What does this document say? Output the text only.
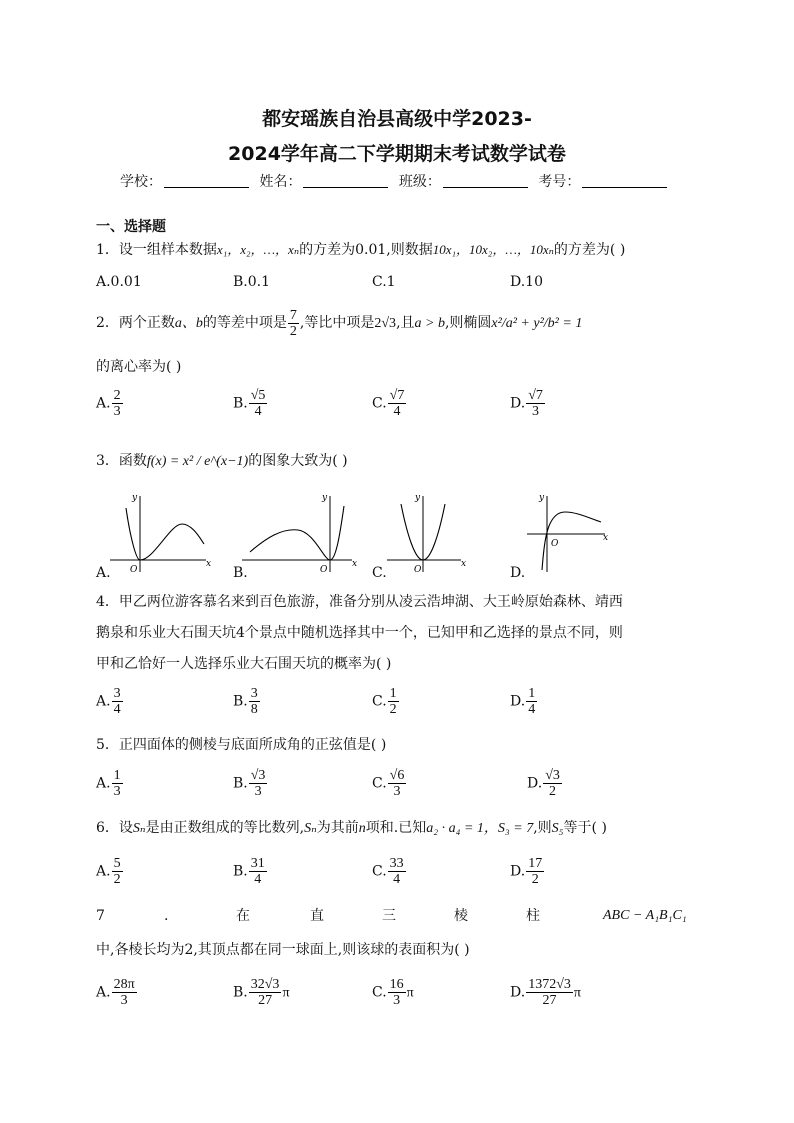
都安瑶族自治县高级中学2023-
2024学年高二下学期期末考试数学试卷
学校：	姓名：	班级：	考号：
一、选择题
1．设一组样本数据x₁，x₂，…，xₙ的方差为0.01,则数据10x₁，10x₂，…，10xₙ的方差为( )
A.0.01	B.0.1	C.1	D.10
2．两个正数a、b的等差中项是 $\frac{7}{2}$ ,等比中项是2√3,且a > b,则椭圆x²/a² + y²/b² = 1
的离心率为( )
A. $\frac{2}{3}$	B. $\frac{√5}{4}$	C. $\frac{√7}{4}$	D. $\frac{√7}{3}$
3．函数f(x) = x² / e^(x−1)的图象大致为( )
x
y
O
A.
x
y
O
B.
x
y
O
C.
x
y
O
D.
4．甲乙两位游客慕名来到百色旅游，准备分别从凌云浩坤湖、大王岭原始森林、靖西
鹅泉和乐业大石围天坑4个景点中随机选择其中一个，已知甲和乙选择的景点不同，则
甲和乙恰好一人选择乐业大石围天坑的概率为( )
A. $\frac{3}{4}$	B. $\frac{3}{8}$	C. $\frac{1}{2}$	D. $\frac{1}{4}$
5．正四面体的侧棱与底面所成角的正弦值是( )
A. $\frac{1}{3}$	B. $\frac{√3}{3}$	C. $\frac{√6}{3}$	D. $\frac{√3}{2}$
6．设Sₙ是由正数组成的等比数列,Sₙ为其前n项和.已知a₂ · a₄ = 1，S₃ = 7,则S₅等于( )
A. $\frac{5}{2}$	B. $\frac{31}{4}$	C. $\frac{33}{4}$	D. $\frac{17}{2}$
7	.	在	直	三	棱	柱	ABC − A₁B₁C₁
中,各棱长均为2,其顶点都在同一球面上,则该球的表面积为( )
A. $\frac{28\pi}{3}$	B. $\frac{32√3}{27}$ π	C. $\frac{16}{3}$ π	D. $\frac{1372√3}{27}$ π
